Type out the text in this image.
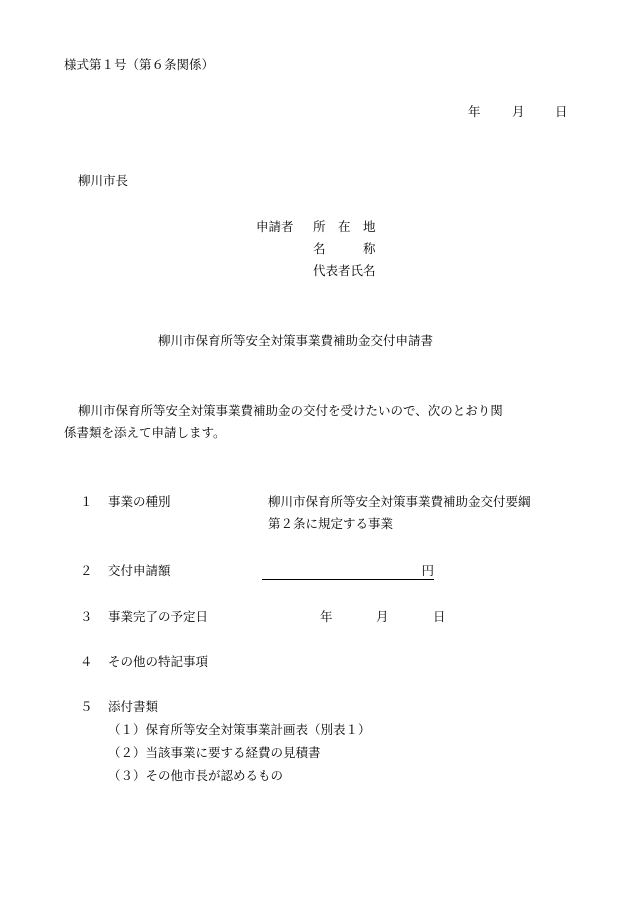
様式第１号（第６条関係）
年	月 日
柳川市長
申請者 所　在　地
名　　　称
代表者氏名
柳川市保育所等安全対策事業費補助金交付申請書
柳川市保育所等安全対策事業費補助金の交付を受けたいので、次のとおり関
係書類を添えて申請します。
１ 事業の種別	柳川市保育所等安全対策事業費補助金交付要綱
第２条に規定する事業
２ 交付申請額	円
３ 事業完了の予定日	年	月	日
４ その他の特記事項
５ 添付書類
（１）保育所等安全対策事業計画表（別表１）
（２）当該事業に要する経費の見積書
（３）その他市長が認めるもの
